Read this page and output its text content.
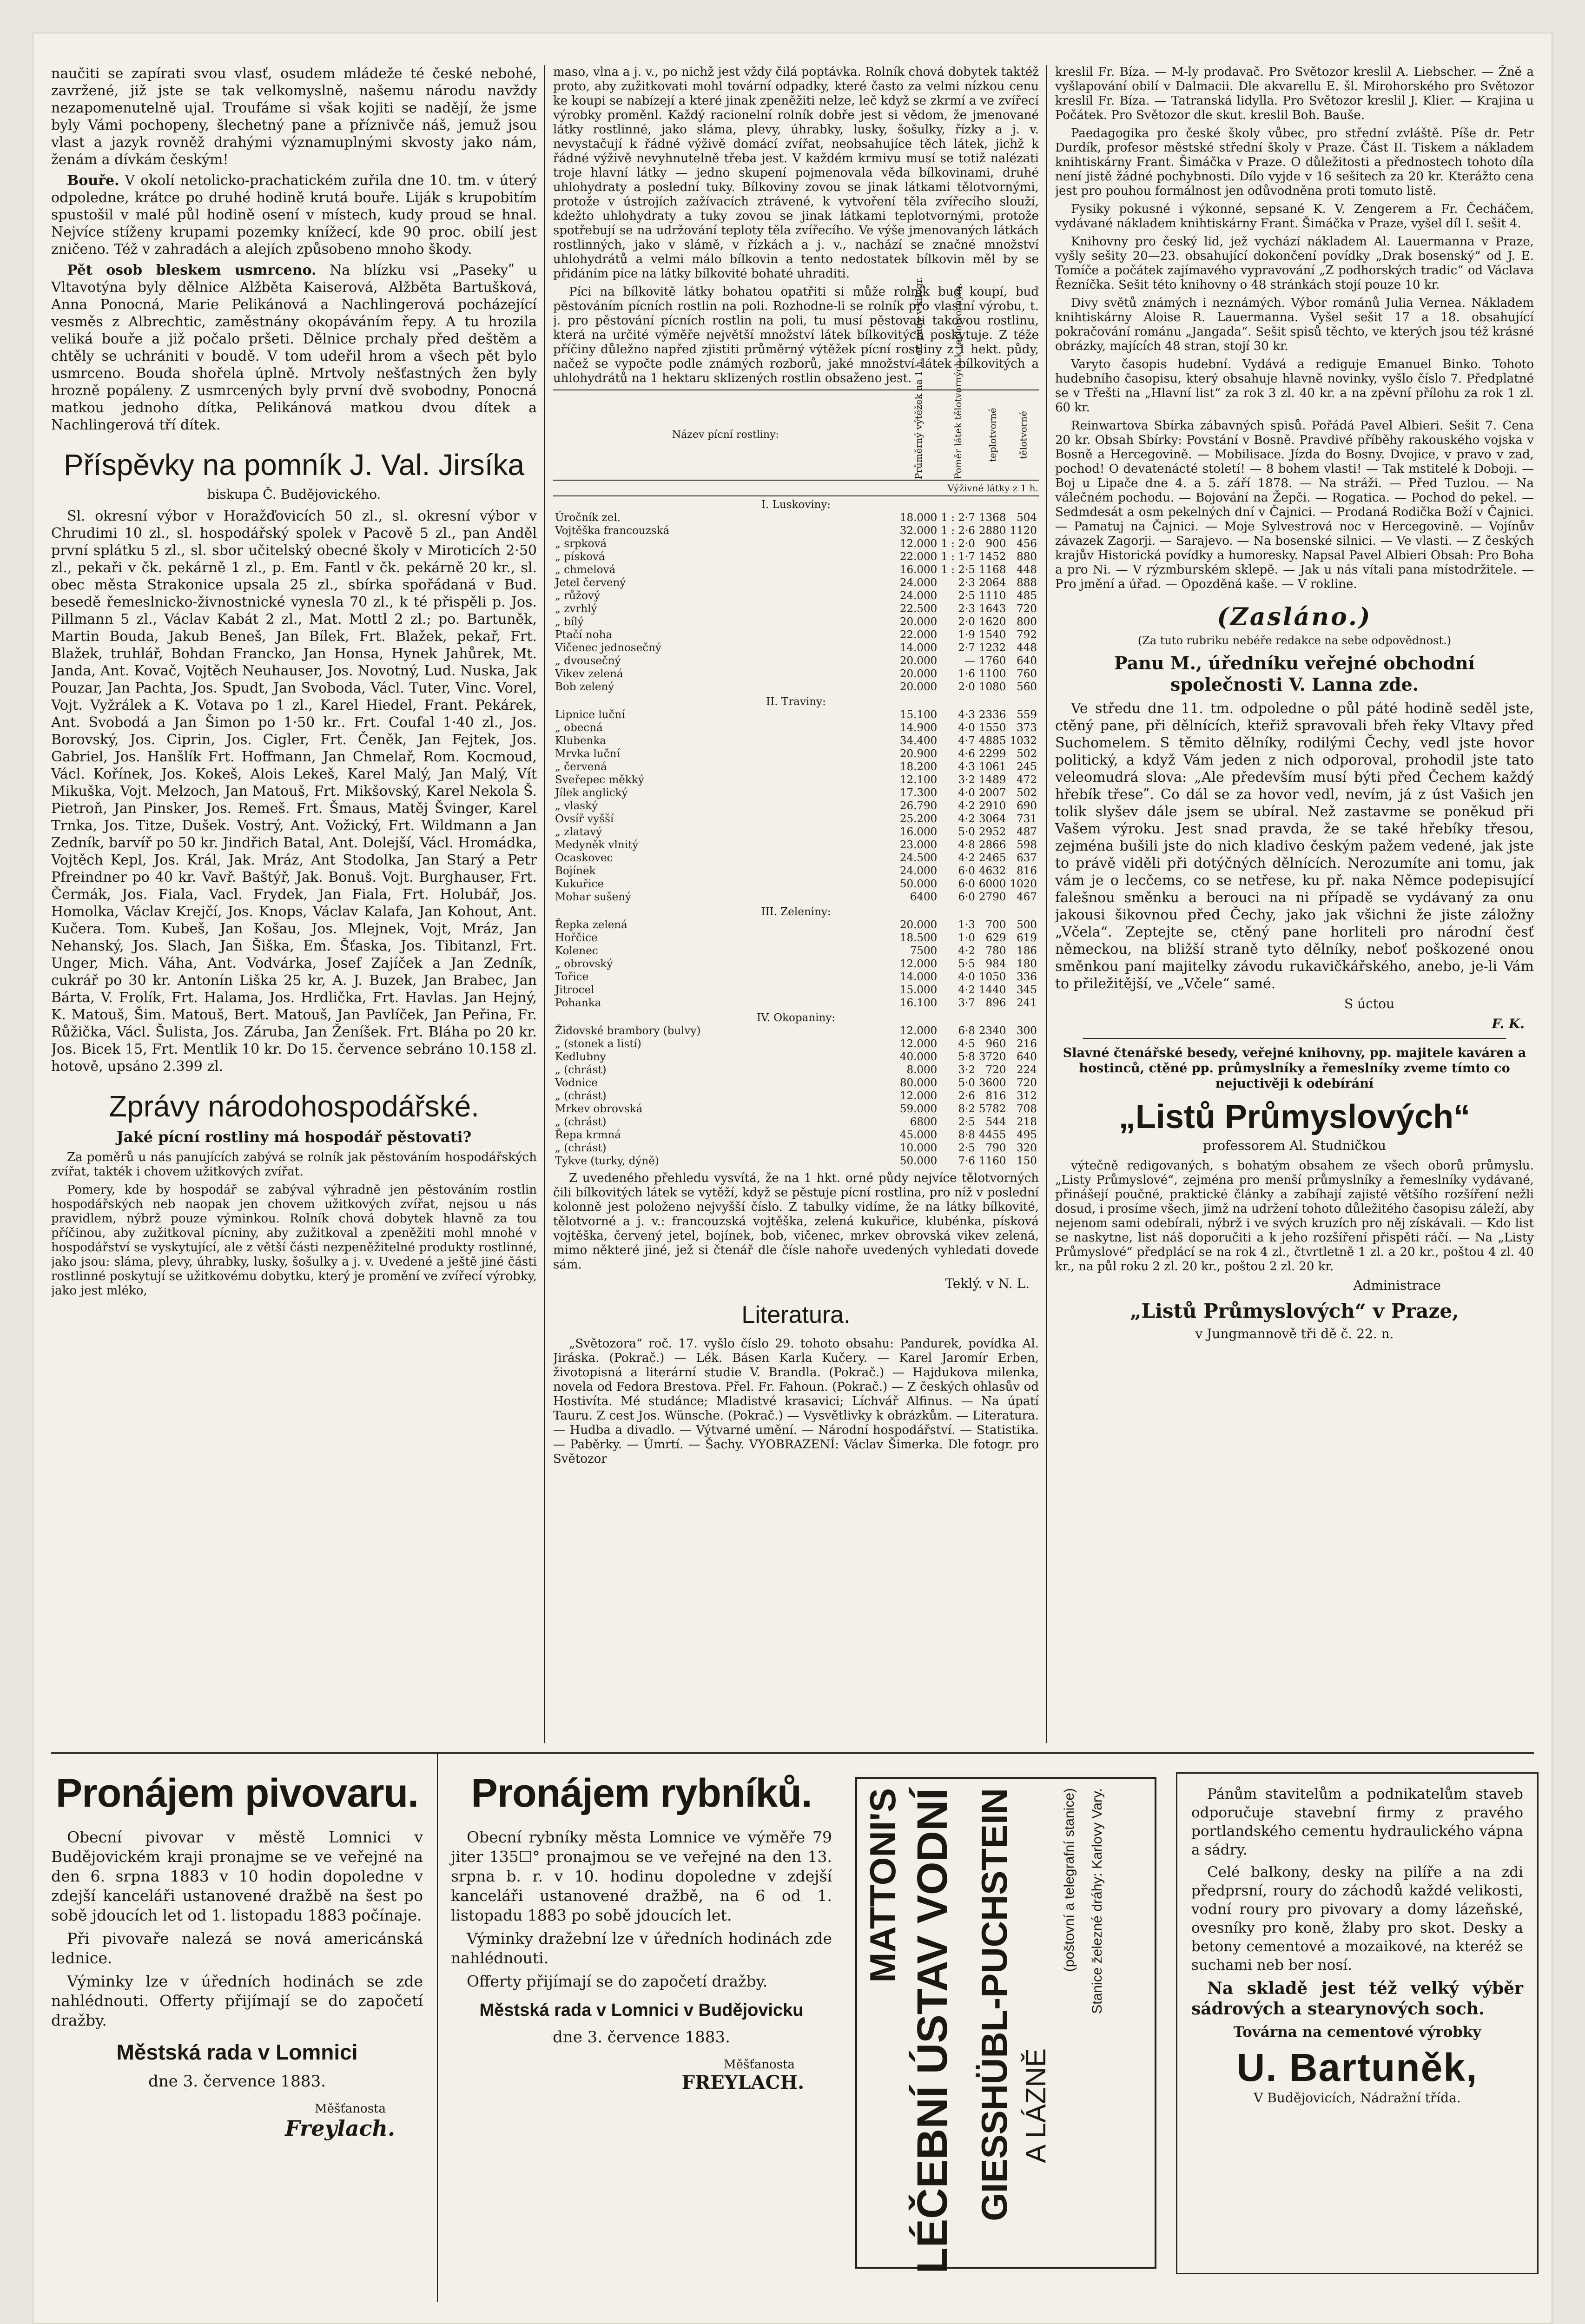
naučiti se zapírati svou vlasť, osudem mládeže té české nebohé, zavržené, již jste se tak velkomyslně, našemu národu navždy nezapomenutelně ujal. Troufáme si však kojiti se nadějí, že jsme byly Vámi pochopeny, šlechetný pane a příznivče náš, jemuž jsou vlast a jazyk rovněž drahými významuplnými skvosty jako nám, ženám a dívkám českým!

Bouře. V okolí netolicko-prachatickém zuřila dne 10. tm. v úterý odpoledne, krátce po druhé hodině krutá bouře. Liják s krupobitím spustošil v malé půl hodině osení v místech, kudy proud se hnal. Nejvíce stíženy krupami pozemky knížecí, kde 90 proc. obilí jest zničeno. Též v zahradách a alejích způsobeno mnoho škody.

Pět osob bleskem usmrceno. Na blízku vsi „Pasekyʺ u Vltavotýna byly dělnice Alžběta Kaiserová, Alžběta Bartušková, Anna Ponocná, Marie Pelikánová a Nachlingerová pocházející vesměs z Albrechtic, zaměstnány okopáváním řepy. A tu hrozila veliká bouře a již počalo pršeti. Dělnice prchaly před deštěm a chtěly se uchrániti v boudě. V tom udeřil hrom a všech pět bylo usmrceno. Bouda shořela úplně. Mrtvoly nešťastných žen byly hrozně popáleny. Z usmrcených byly první dvě svobodny, Ponocná matkou jednoho dítka, Pelikánová matkou dvou dítek a Nachlingerová tří dítek.

Příspěvky na pomník J. Val. Jirsíka
biskupa Č. Budějovického.

Sl. okresní výbor v Horažďovicích 50 zl., sl. okresní výbor v Chrudimi 10 zl., sl. hospodářský spolek v Pacově 5 zl., pan Anděl první splátku 5 zl., sl. sbor učitelský obecné školy v Miroticích 2·50 zl., pekaři v čk. pekárně 1 zl., p. Em. Fantl v čk. pekárně 20 kr., sl. obec města Strakonice upsala 25 zl., sbírka spořádaná v Bud. besedě řemeslnicko-živnostnické vynesla 70 zl., k té přispěli p. Jos. Pillmann 5 zl., Václav Kabát 2 zl., Mat. Mottl 2 zl.; po. Bartuněk, Martin Bouda, Jakub Beneš, Jan Bílek, Frt. Blažek, pekař, Frt. Blažek, truhlář, Bohdan Francko, Jan Honsa, Hynek Jahůrek, Mt. Janda, Ant. Kovač, Vojtěch Neuhauser, Jos. Novotný, Lud. Nuska, Jak Pouzar, Jan Pachta, Jos. Spudt, Jan Svoboda, Václ. Tuter, Vinc. Vorel, Vojt. Vyžrálek a K. Votava po 1 zl., Karel Hiedel, Frant. Pekárek, Ant. Svobodá a Jan Šimon po 1·50 kr.. Frt. Coufal 1·40 zl., Jos. Borovský, Jos. Ciprin, Jos. Cigler, Frt. Čeněk, Jan Fejtek, Jos. Gabriel, Jos. Hanšlík Frt. Hoffmann, Jan Chmelař, Rom. Kocmoud, Václ. Kořínek, Jos. Kokeš, Alois Lekeš, Karel Malý, Jan Malý, Vít Mikuška, Vojt. Melzoch, Jan Matouš, Frt. Mikšovský, Karel Nekola Š. Pietroň, Jan Pinsker, Jos. Remeš. Frt. Šmaus, Matěj Švinger, Karel Trnka, Jos. Titze, Dušek. Vostrý, Ant. Vožický, Frt. Wildmann a Jan Zedník, barvíř po 50 kr. Jindřich Batal, Ant. Dolejší, Václ. Hromádka, Vojtěch Kepl, Jos. Král, Jak. Mráz, Ant Stodolka, Jan Starý a Petr Pfreindner po 40 kr. Vavř. Baštýř, Jak. Bonuš. Vojt. Burghauser, Frt. Čermák, Jos. Fiala, Vacl. Frydek, Jan Fiala, Frt. Holubář, Jos. Homolka, Václav Krejčí, Jos. Knops, Václav Kalafa, Jan Kohout, Ant. Kučera. Tom. Kubeš, Jan Košau, Jos. Mlejnek, Vojt, Mráz, Jan Nehanský, Jos. Slach, Jan Šiška, Em. Šťaska, Jos. Tibitanzl, Frt. Unger, Mich. Váha, Ant. Vodvárka, Josef Zajíček a Jan Zedník, cukrář po 30 kr. Antonín Liška 25 kr, A. J. Buzek, Jan Brabec, Jan Bárta, V. Frolík, Frt. Halama, Jos. Hrdlička, Frt. Havlas. Jan Hejný, K. Matouš, Šim. Matouš, Bert. Matouš, Jan Pavlíček, Jan Peřina, Fr. Růžička, Václ. Šulista, Jos. Záruba, Jan Ženíšek. Frt. Bláha po 20 kr. Jos. Bicek 15, Frt. Mentlik 10 kr. Do 15. července sebráno 10.158 zl. hotově, upsáno 2.399 zl.

Zprávy národohospodářské.
Jaké pícní rostliny má hospodář pěstovati?

Za poměrů u nás panujících zabývá se rolník jak pěstováním hospodářských zvířat, takték i chovem užitkových zvířat.

Pomery, kde by hospodář se zabýval výhradně jen pěstováním rostlin hospodářských neb naopak jen chovem užitkových zvířat, nejsou u nás pravidlem, nýbrž pouze výminkou. Rolník chová dobytek hlavně za tou příčinou, aby zužitkoval pícniny, aby zužitkoval a zpeněžiti mohl mnohé v hospodářství se vyskytující, ale z větší části nezpeněžitelné produkty rostlinné, jako jsou: sláma, plevy, úhrabky, lusky, šošulky a j. v. Uvedené a ještě jiné části rostlinné poskytují se užitkovému dobytku, který je promění ve zvířecí výrobky, jako jest mléko,

maso, vlna a j. v., po nichž jest vždy čilá poptávka. Rolník chová dobytek taktéž proto, aby zužitkovati mohl tovární odpadky, které často za velmi nízkou cenu ke koupi se nabízejí a které jinak zpeněžiti nelze, leč když se zkrmí a ve zvířecí výrobky proměnl. Každý racionelní rolník dobře jest si vědom, že jmenované látky rostlinné, jako sláma, plevy, úhrabky, lusky, šošulky, řízky a j. v. nevystačují k řádné výživě domácí zvířat, neobsahujíce těch látek, jichž k řádné výživě nevyhnutelně třeba jest. V každém krmivu musí se totiž nalézati troje hlavní látky — jedno skupení pojmenovala věda bílkovinami, druhé uhlohydraty a poslední tuky. Bílkoviny zovou se jinak látkami tělotvornými, protože v ústrojích zažívacích ztrávené, k vytvoření těla zvířecího slouží, kdežto uhlohydraty a tuky zovou se jinak látkami teplotvornými, protože spotřebují se na udržování teploty těla zvířecího. Ve výše jmenovaných látkách rostlinných, jako v slámě, v řízkách a j. v., nachází se značné množství uhlohydrátů a velmi málo bílkovin a tento nedostatek bílkovin měl by se přidáním píce na látky bílkovité bohaté uhraditi.

Píci na bílkovitě látky bohatou opatřiti si může rolník buď koupí, buď pěstováním pícních rostlin na poli. Rozhodne-li se rolník pro vlastní výrobu, t. j. pro pěstování pícních rostlin na poli, tu musí pěstovati takovou rostlinu, která na určité výměře největší množství látek bílkovitých poskytuje. Z téže příčiny důležno napřed zjistiti průměrný výtěžek pícní rostliny z 1 hekt. půdy, načež se vypočte podle známých rozborů, jaké množství látek bílkovitých a uhlohydrátů na 1 hektaru sklizených rostlin obsaženo jest.

Název pícní rostliny:	Průměrný výtěžek na 1 h. or. půdy v kilogr.	Poměr látek tělotvorných k teplotvorným.	teplotvorné	tělotvorné
Výživné látky z 1 h.				
I. Luskoviny:				
Úročník zel.	18.000	1 : 2·7	1368	504
Vojtěška francouzská	32.000	1 : 2·6	2880	1120
„ srpková	12.000	1 : 2·0	900	456
„ písková	22.000	1 : 1·7	1452	880
„ chmelová	16.000	1 : 2·5	1168	448
Jetel červený	24.000	2·3	2064	888
„ růžový	24.000	2·5	1110	485
„ zvrhlý	22.500	2·3	1643	720
„ bílý	20.000	2·0	1620	800
Ptačí noha	22.000	1·9	1540	792
Vičenec jednosečný	14.000	2·7	1232	448
„ dvousečný	20.000	—	1760	640
Vikev zelená	20.000	1·6	1100	760
Bob zelený	20.000	2·0	1080	560
II. Traviny:				
Lipnice luční	15.100	4·3	2336	559
„ obecná	14.900	4·0	1550	373
Klubenka	34.400	4·7	4885	1032
Mrvka luční	20.900	4·6	2299	502
„ červená	18.200	4·3	1061	245
Sveřepec měkký	12.100	3·2	1489	472
Jílek anglický	17.300	4·0	2007	502
„ vlaský	26.790	4·2	2910	690
Ovsíř vyšší	25.200	4·2	3064	731
„ zlatavý	16.000	5·0	2952	487
Medyněk vlnitý	23.000	4·8	2866	598
Ocaskovec	24.500	4·2	2465	637
Bojínek	24.000	6·0	4632	816
Kukuřice	50.000	6·0	6000	1020
Mohar sušený	6400	6·0	2790	467
III. Zeleniny:				
Řepka zelená	20.000	1·3	700	500
Hořčice	18.500	1·0	629	619
Kolenec	7500	4·2	780	186
„ obrovský	12.000	5·5	984	180
Tořice	14.000	4·0	1050	336
Jitrocel	15.000	4·2	1440	345
Pohanka	16.100	3·7	896	241
IV. Okopaniny:				
Židovské brambory (bulvy)	12.000	6·8	2340	300
„ (stonek a listí)	12.000	4·5	960	216
Kedlubny	40.000	5·8	3720	640
„ (chrást)	8.000	3·2	720	224
Vodnice	80.000	5·0	3600	720
„ (chrást)	12.000	2·6	816	312
Mrkev obrovská	59.000	8·2	5782	708
„ (chrást)	6800	2·5	544	218
Řepa krmná	45.000	8·8	4455	495
„ (chrást)	10.000	2·5	790	320
Tykve (turky, dýně)	50.000	7·6	1160	150

Z uvedeného přehledu vysvítá, že na 1 hkt. orné půdy nejvíce tělotvorných čili bílkovitých látek se vytěží, když se pěstuje pícní rostlina, pro níž v poslední kolonně jest položeno nejvyšší číslo. Z tabulky vidíme, že na látky bílkovité, tělotvorné a j. v.: francouzská vojtěška, zelená kukuřice, klubénka, písková vojtěška, červený jetel, bojínek, bob, vičenec, mrkev obrovská vikev zelená, mimo některé jiné, jež si čtenář dle čísle nahoře uvedených vyhledati dovede sám.

Teklý. v N. L.
Literatura.

„Světozora“ roč. 17. vyšlo číslo 29. tohoto obsahu: Pandurek, povídka Al. Jiráska. (Pokrač.) — Lék. Básen Karla Kučery. — Karel Jaromír Erben, životopisná a literární studie V. Brandla. (Pokrač.) — Hajdukova milenka, novela od Fedora Brestova. Přel. Fr. Fahoun. (Pokrač.) — Z českých ohlasův od Hostivíta. Mé studánce; Mladistvé krasavici; Líchvář Alfinus. — Na úpatí Tauru. Z cest Jos. Wünsche. (Pokrač.) — Vysvětlivky k obrázkům. — Literatura. — Hudba a divadlo. — Výtvarné umění. — Národní hospodářství. — Statistika. — Paběrky. — Úmrtí. — Šachy. VYOBRAZENÍ: Václav Šimerka. Dle fotogr. pro Světozor

kreslil Fr. Bíza. — M-ly prodavač. Pro Světozor kreslil A. Liebscher. — Žně a vyšlapování obilí v Dalmacii. Dle akvarellu E. šl. Mirohorského pro Světozor kreslil Fr. Bíza. — Tatranská lidylla. Pro Světozor kreslil J. Klier. — Krajina u Počátek. Pro Světozor dle skut. kreslil Boh. Bauše.

Paedagogika pro české školy vůbec, pro střední zvláště. Píše dr. Petr Durdík, profesor městské střední školy v Praze. Část II. Tiskem a nákladem knihtiskárny Frant. Šimáčka v Praze. O důležitosti a přednostech tohoto díla není jistě žádné pochybnosti. Dílo vyjde v 16 sešitech za 20 kr. Kterážto cena jest pro pouhou formálnost jen odůvodněna proti tomuto listě.

Fysiky pokusné i výkonné, sepsané K. V. Zengerem a Fr. Čecháčem, vydávané nákladem knihtiskárny Frant. Šimáčka v Praze, vyšel díl I. sešit 4.

Knihovny pro český lid, jež vychází nákladem Al. Lauermanna v Praze, vyšly sešity 20—23. obsahující dokončení povídky „Drak bosenský“ od J. E. Tomíče a počátek zajímavého vypravování „Z podhorských tradic“ od Václava Řezníčka. Sešit této knihovny o 48 stránkách stojí pouze 10 kr.

Divy světů známých i neznámých. Výbor románů Julia Vernea. Nákladem knihtiskárny Aloise R. Lauermanna. Vyšel sešit 17 a 18. obsahující pokračování románu „Jangada“. Sešit spisů těchto, ve kterých jsou též krásné obrázky, majících 48 stran, stojí 30 kr.

Varyto časopis hudební. Vydává a rediguje Emanuel Binko. Tohoto hudebního časopisu, který obsahuje hlavně novinky, vyšlo číslo 7. Předplatné se v Třešti na „Hlavní list“ za rok 3 zl. 40 kr. a na zpěvní přílohu za rok 1 zl. 60 kr.

Reinwartova Sbírka zábavných spisů. Pořádá Pavel Albieri. Sešit 7. Cena 20 kr. Obsah Sbírky: Povstání v Bosně. Pravdivé příběhy rakouského vojska v Bosně a Hercegovině. — Mobilisace. Jízda do Bosny. Dvojice, v pravo v zad, pochod! O devatenácté století! — 8 bohem vlasti! — Tak mstitelé k Doboji. — Boj u Lipače dne 4. a 5. září 1878. — Na stráži. — Před Tuzlou. — Na válečném pochodu. — Bojování na Žepči. — Rogatica. — Pochod do pekel. — Sedmdesát a osm pekelných dní v Čajnici. — Prodaná Rodička Boží v Čajnici. — Pamatuj na Čajnici. — Moje Sylvestrová noc v Hercegovině. — Vojínův závazek Zagorji. — Sarajevo. — Na bosenské silnici. — Ve vlasti. — Z českých krajův Historická povídky a humoresky. Napsal Pavel Albieri Obsah: Pro Boha a pro Ni. — V rýzmburském sklepě. — Jak u nás vítali pana místodržitele. — Pro jmění a úřad. — Opozděná kaše. — V rokline.

(Zasláno.)
(Za tuto rubriku nebéře redakce na sebe odpovědnost.)
Panu M., úředníku veřejné obchodní společnosti V. Lanna zde.

Ve středu dne 11. tm. odpoledne o půl páté hodině seděl jste, ctěný pane, při dělnících, kteřiž spravovali břeh řeky Vltavy před Suchomelem. S těmito dělníky, rodilými Čechy, vedl jste hovor politický, a když Vám jeden z nich odporoval, prohodil jste tato veleomudrá slova: „Ale především musí býti před Čechem každý hřebík třeseʺ. Co dál se za hovor vedl, nevím, já z úst Vašich jen tolik slyšev dále jsem se ubíral. Než zastavme se poněkud při Vašem výroku. Jest snad pravda, že se také hřebíky třesou, zejména bušili jste do nich kladivo českým pažem vedené, jak jste to právě viděli při dotýčných dělnících. Nerozumíte ani tomu, jak vám je o lecčems, co se netřese, ku př. naka Němce podepisující falešnou směnku a berouci na ni případě se vydávaný za onu jakousi šikovnou před Čechy, jako jak všichni že jiste záložny „Včela“. Zeptejte se, ctěný pane horliteli pro národní česť německou, na bližší straně tyto dělníky, neboť poškozené onou směnkou paní majitelky závodu rukavičkářského, anebo, je-li Vám to přiležitější, ve „Včele“ samé.

S úctou
F. K.

Slavné čtenářské besedy, veřejné knihovny, pp. majitele kaváren a hostinců, ctěné pp. průmyslníky a řemeslníky zveme tímto co nejuctivěji k odebírání

„Listů Průmyslových“
professorem Al. Studničkou

výtečně redigovaných, s bohatým obsahem ze všech oborů průmyslu. „Listy Průmyslové“, zejména pro menší průmyslníky a řemeslníky vydávané, přinášejí poučné, praktické články a zabíhají zajisté většího rozšíření nežli dosud, i prosíme všech, jimž na udržení tohoto důležitého časopisu záleží, aby nejenom sami odebírali, nýbrž i ve svých kruzích pro něj získávali. — Kdo list se naskytne, list náš doporučiti a k jeho rozšíření přispěti ráčí. — Na „Listy Průmyslové“ předplácí se na rok 4 zl., čtvrtletně 1 zl. a 20 kr., poštou 4 zl. 40 kr., na půl roku 2 zl. 20 kr., poštou 2 zl. 20 kr.

Administrace
„Listů Průmyslových“ v Praze,
v Jungmannově tři dě č. 22. n.
Pronájem pivovaru.

Obecní pivovar v městě Lomnici v Budějovickém kraji pronajme se ve veřejné na den 6. srpna 1883 v 10 hodin dopoledne v zdejší kanceláři ustanovené dražbě na šest po sobě jdoucích let od 1. listopadu 1883 počínaje.

Při pivovaře nalezá se nová americánská lednice.

Výminky lze v úředních hodinách se zde nahlédnouti. Offerty přijímají se do započetí dražby.

Městská rada v Lomnici
dne 3. července 1883.
Měšťanosta
Freylach.
Pronájem rybníků.

Obecní rybníky města Lomnice ve výměře 79 jiter 135☐° pronajmou se ve veřejné na den 13. srpna b. r. v 10. hodinu dopoledne v zdejší kanceláři ustanovené dražbě, na 6 od 1. listopadu 1883 po sobě jdoucích let.

Výminky dražební lze v úředních hodinách zde nahlédnouti.

Offerty přijímají se do započetí dražby.

Městská rada v Lomnici v Budějovicku
dne 3. července 1883.
Měšťanosta
FREYLACH.
MATTONI'S LÉČEBNÍ ÚSTAV VODNÍ GIESSHÜBL-PUCHSTEIN A LÁZNĚ
(poštovní a telegrafní stanice) Stanice železné dráhy: Karlovy Vary.	Pánům stavitelům a podnikatelům staveb odporučuje stavební firmy z pravého portlandského cementu hydraulického vápna a sádry.

Celé balkony, desky na pilíře a na zdi předprsní, roury do záchodů každé velikosti, vodní roury pro pivovary a domy lázeňské, ovesníky pro koně, žlaby pro skot. Desky a betony cementové a mozaikové, na kteréž se suchami neb ber nosí.

Na skladě jest též velký výběr sádrových a stearynových soch.

Továrna na cementové výrobky

U. Bartuněk,
V Budějovicích, Nádražní třída.
